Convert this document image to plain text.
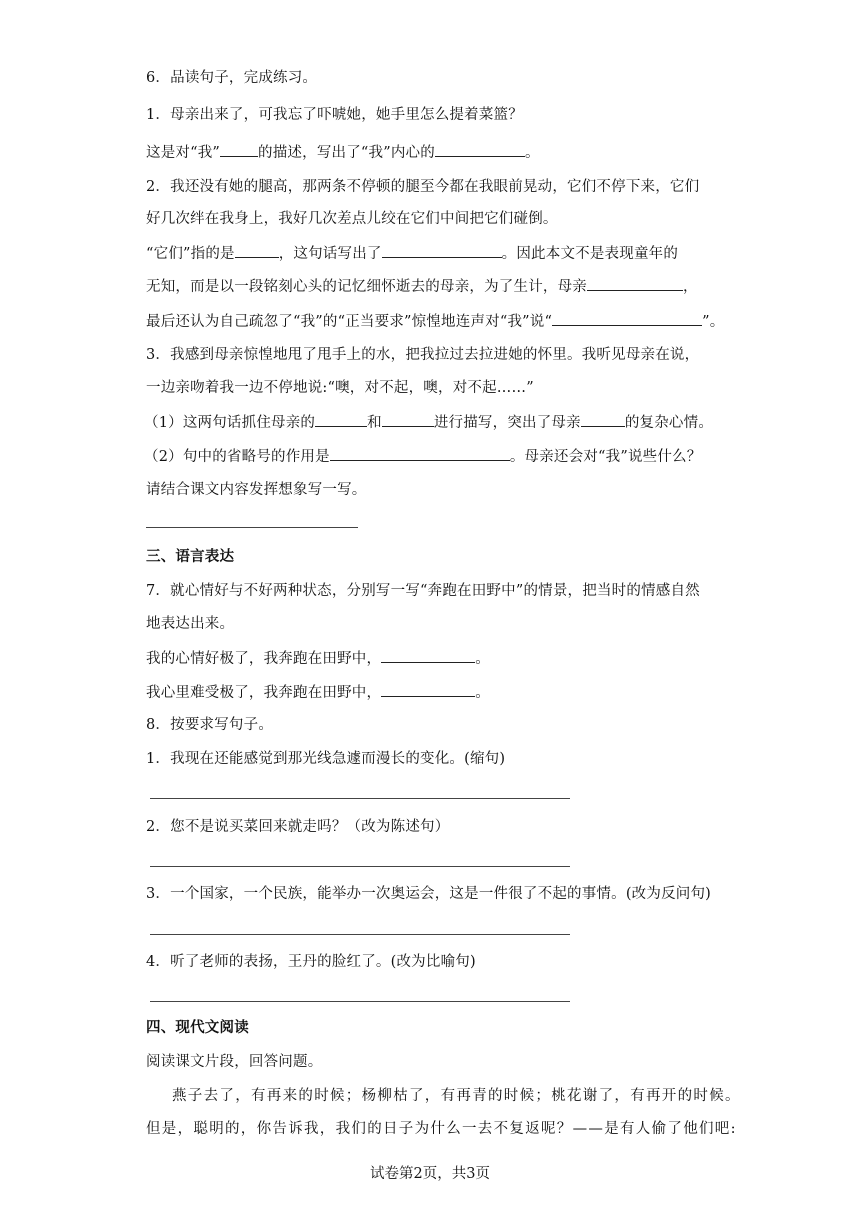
6．品读句子，完成练习。
1．母亲出来了，可我忘了吓唬她，她手里怎么提着菜篮？
这是对“我”	的描述，写出了“我”内心的	。
2．我还没有她的腿高，那两条不停顿的腿至今都在我眼前晃动，它们不停下来，它们
好几次绊在我身上，我好几次差点儿绞在它们中间把它们碰倒。
“它们”指的是	，这句话写出了	。因此本文不是表现童年的
无知，而是以一段铭刻心头的记忆细怀逝去的母亲，为了生计，母亲	，
最后还认为自己疏忽了“我”的“正当要求”惊惶地连声对“我”说“	”。
3．我感到母亲惊惶地甩了甩手上的水，把我拉过去拉进她的怀里。我听见母亲在说，
一边亲吻着我一边不停地说:“噢，对不起，噢，对不起……”
（1）这两句话抓住母亲的	和	进行描写，突出了母亲	的复杂心情。
（2）句中的省略号的作用是	。母亲还会对“我”说些什么？
请结合课文内容发挥想象写一写。
三、语言表达
7．就心情好与不好两种状态，分别写一写“奔跑在田野中”的情景，把当时的情感自然
地表达出来。
我的心情好极了，我奔跑在田野中，	。
我心里难受极了，我奔跑在田野中，	。
8．按要求写句子。
1．我现在还能感觉到那光线急遽而漫长的变化。(缩句)
2．您不是说买菜回来就走吗？（改为陈述句）
3．一个国家，一个民族，能举办一次奥运会，这是一件很了不起的事情。(改为反问句)
4．听了老师的表扬，王丹的脸红了。(改为比喻句)
四、现代文阅读
阅读课文片段，回答问题。
燕子去了，有再来的时候；杨柳枯了，有再青的时候；桃花谢了，有再开的时候。
但是，聪明的，你告诉我，我们的日子为什么一去不复返呢？——是有人偷了他们吧:
试卷第2页，共3页
